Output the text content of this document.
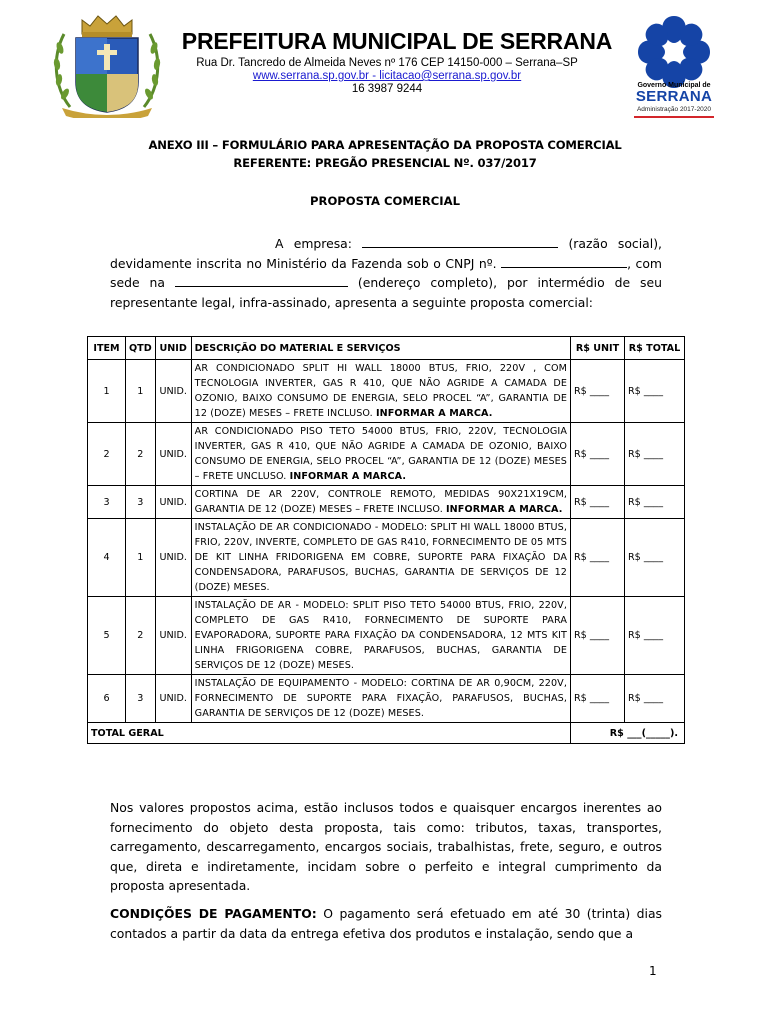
PREFEITURA MUNICIPAL DE SERRANA
Rua Dr. Tancredo de Almeida Neves nº 176 CEP 14150-000 – Serrana–SP
www.serrana.sp.gov.br - licitacao@serrana.sp.gov.br
16 3987 9244	Governo Municipal de
SERRANA
Administração 2017-2020
ANEXO III – FORMULÁRIO PARA APRESENTAÇÃO DA PROPOSTA COMERCIAL
REFERENTE: PREGÃO PRESENCIAL Nº. 037/2017
PROPOSTA COMERCIAL
A empresa:	(razão social), devidamente inscrita no Ministério da Fazenda sob o CNPJ nº.	, com sede na	(endereço completo), por intermédio de seu representante legal, infra-assinado, apresenta a seguinte proposta comercial:
ITEM	QTD	UNID	DESCRIÇÃO DO MATERIAL E SERVIÇOS	R$ UNIT	R$ TOTAL
1	1	UNID.	AR CONDICIONADO SPLIT HI WALL 18000 BTUS, FRIO, 220V , COM TECNOLOGIA INVERTER, GAS R 410, QUE NÃO AGRIDE A CAMADA DE OZONIO, BAIXO CONSUMO DE ENERGIA, SELO PROCEL “A”, GARANTIA DE 12 (DOZE) MESES – FRETE INCLUSO. INFORMAR A MARCA.	R$ ____	R$ ____
2	2	UNID.	AR CONDICIONADO PISO TETO 54000 BTUS, FRIO, 220V, TECNOLOGIA INVERTER, GAS R 410, QUE NÃO AGRIDE A CAMADA DE OZONIO, BAIXO CONSUMO DE ENERGIA, SELO PROCEL “A”, GARANTIA DE 12 (DOZE) MESES – FRETE UNCLUSO. INFORMAR A MARCA.	R$ ____	R$ ____
3	3	UNID.	CORTINA DE AR 220V, CONTROLE REMOTO, MEDIDAS 90X21X19CM, GARANTIA DE 12 (DOZE) MESES – FRETE INCLUSO. INFORMAR A MARCA.	R$ ____	R$ ____
4	1	UNID.	INSTALAÇÃO DE AR CONDICIONADO - MODELO: SPLIT HI WALL 18000 BTUS, FRIO, 220V, INVERTE, COMPLETO DE GAS R410, FORNECIMENTO DE 05 MTS DE KIT LINHA FRIDORIGENA EM COBRE, SUPORTE PARA FIXAÇÃO DA CONDENSADORA, PARAFUSOS, BUCHAS, GARANTIA DE SERVIÇOS DE 12 (DOZE) MESES.	R$ ____	R$ ____
5	2	UNID.	INSTALAÇÃO DE AR - MODELO: SPLIT PISO TETO 54000 BTUS, FRIO, 220V, COMPLETO DE GAS R410, FORNECIMENTO DE SUPORTE PARA EVAPORADORA, SUPORTE PARA FIXAÇÃO DA CONDENSADORA, 12 MTS KIT LINHA FRIGORIGENA COBRE, PARAFUSOS, BUCHAS, GARANTIA DE SERVIÇOS DE 12 (DOZE) MESES.	R$ ____	R$ ____
6	3	UNID.	INSTALAÇÃO DE EQUIPAMENTO - MODELO: CORTINA DE AR 0,90CM, 220V, FORNECIMENTO DE SUPORTE PARA FIXAÇÃO, PARAFUSOS, BUCHAS, GARANTIA DE SERVIÇOS DE 12 (DOZE) MESES.	R$ ____	R$ ____
TOTAL GERAL				R$ ___(_____).	
Nos valores propostos acima, estão inclusos todos e quaisquer encargos inerentes ao fornecimento do objeto desta proposta, tais como: tributos, taxas, transportes, carregamento, descarregamento, encargos sociais, trabalhistas, frete, seguro, e outros que, direta e indiretamente, incidam sobre o perfeito e integral cumprimento da proposta apresentada.
CONDIÇÕES DE PAGAMENTO: O pagamento será efetuado em até 30 (trinta) dias contados a partir da data da entrega efetiva dos produtos e instalação, sendo que a
1
